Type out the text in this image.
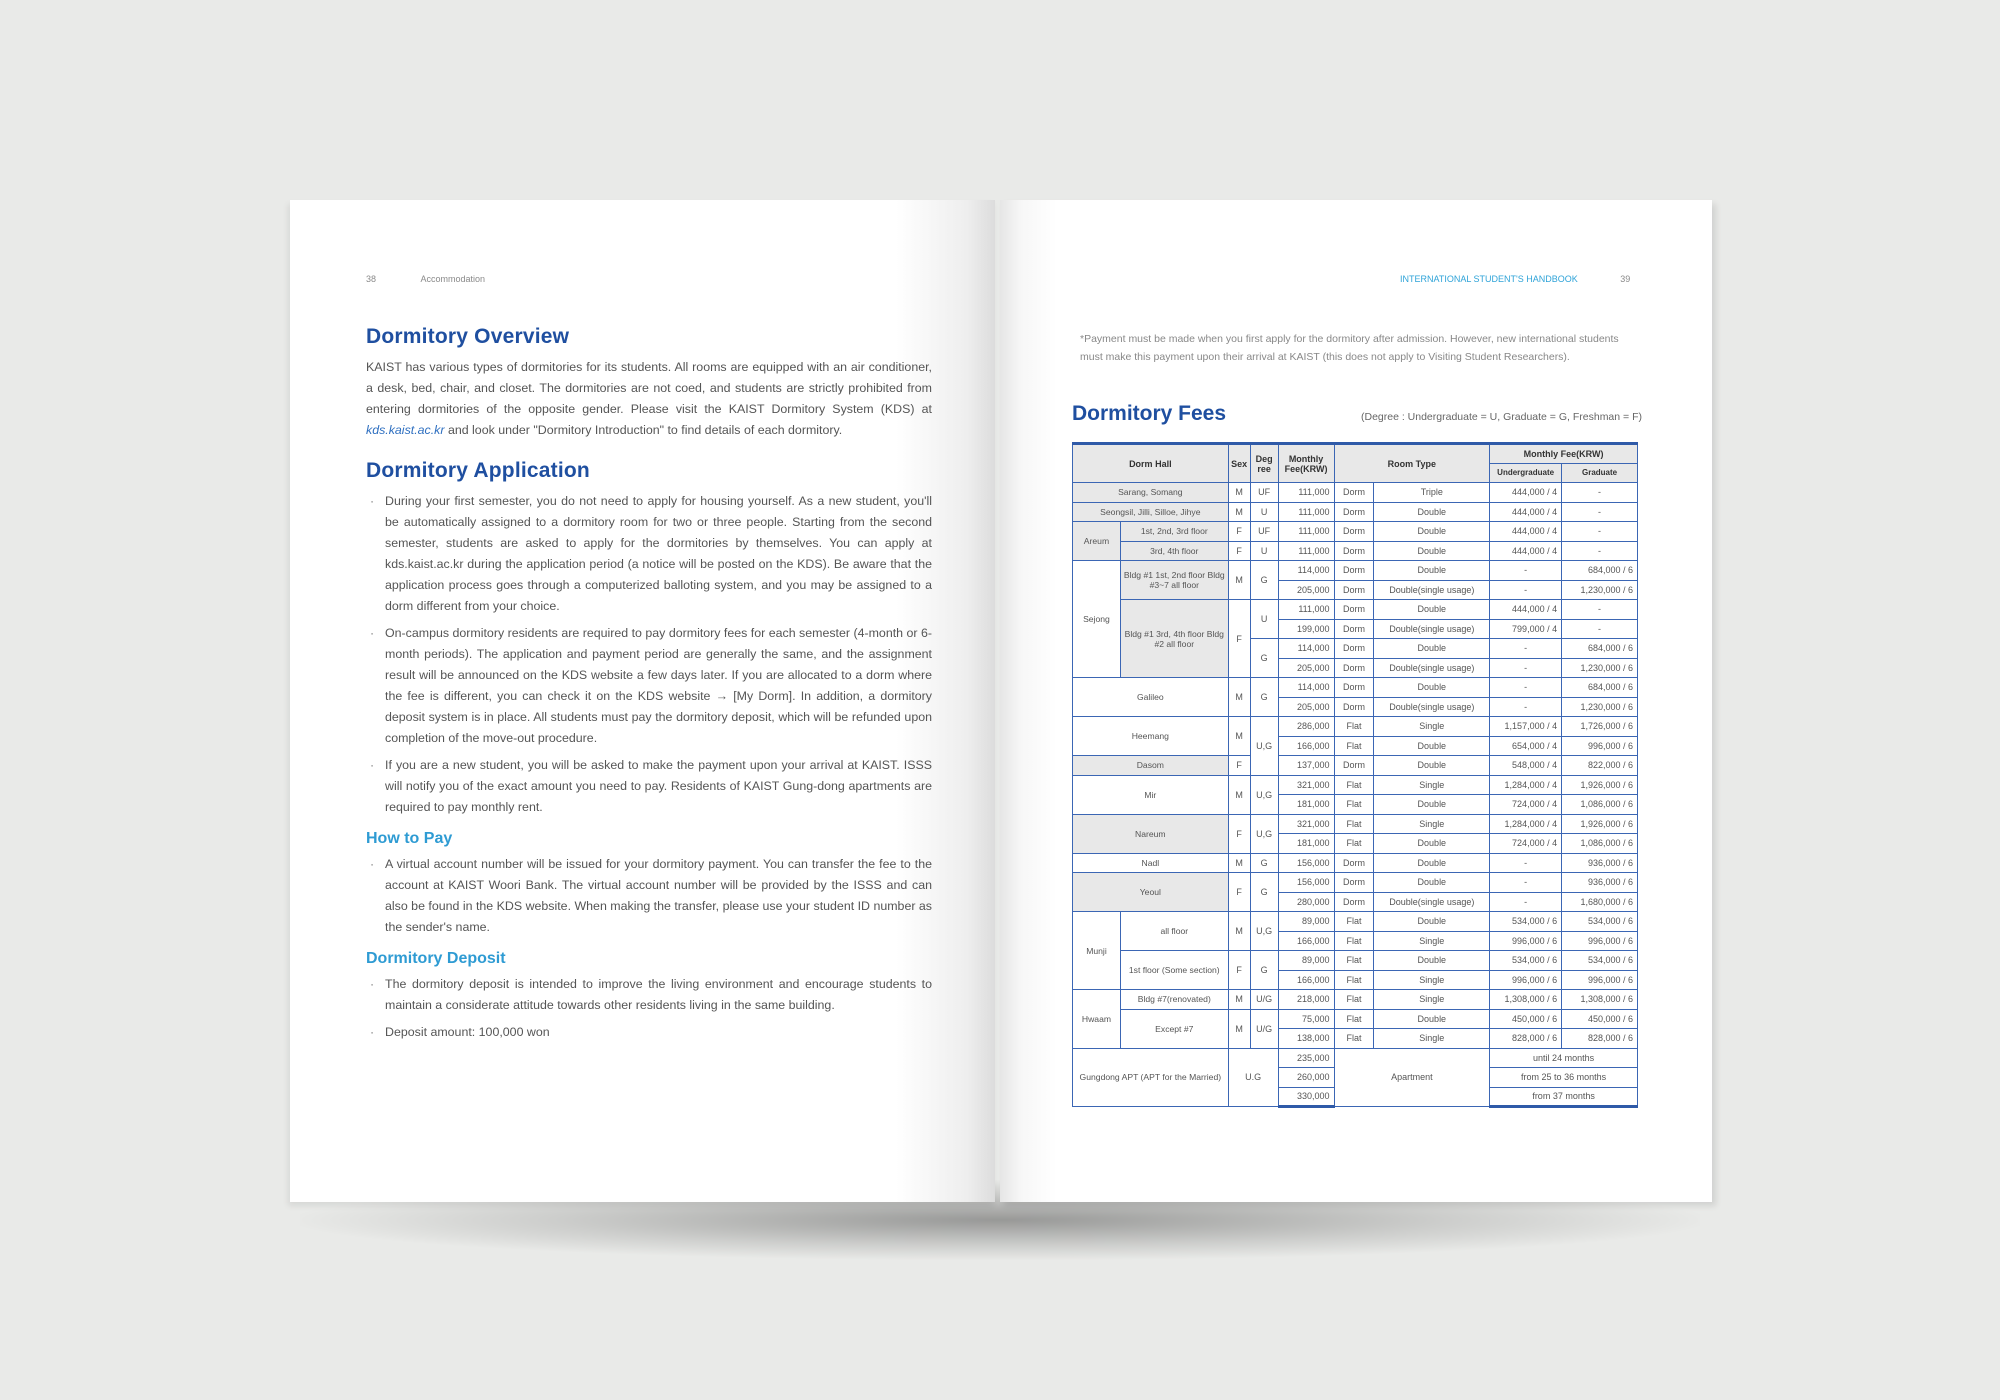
38	Accommodation
Dormitory Overview

KAIST has various types of dormitories for its students. All rooms are equipped with an air conditioner, a desk, bed, chair, and closet. The dormitories are not coed, and students are strictly prohibited from entering dormitories of the opposite gender. Please visit the KAIST Dormitory System (KDS) at kds.kaist.ac.kr and look under "Dormitory Introduction" to find details of each dormitory.

Dormitory Application
· During your first semester, you do not need to apply for housing yourself. As a new student, you'll be automatically assigned to a dormitory room for two or three people. Starting from the second semester, students are asked to apply for the dormitories by themselves. You can apply at kds.kaist.ac.kr during the application period (a notice will be posted on the KDS). Be aware that the application process goes through a computerized balloting system, and you may be assigned to a dorm different from your choice.
· On-campus dormitory residents are required to pay dormitory fees for each semester (4-month or 6-month periods). The application and payment period are generally the same, and the assignment result will be announced on the KDS website a few days later. If you are allocated to a dorm where the fee is different, you can check it on the KDS website → [My Dorm]. In addition, a dormitory deposit system is in place. All students must pay the dormitory deposit, which will be refunded upon completion of the move-out procedure.
· If you are a new student, you will be asked to make the payment upon your arrival at KAIST. ISSS will notify you of the exact amount you need to pay. Residents of KAIST Gung-dong apartments are required to pay monthly rent.
How to Pay
· A virtual account number will be issued for your dormitory payment. You can transfer the fee to the account at KAIST Woori Bank. The virtual account number will be provided by the ISSS and can also be found in the KDS website. When making the transfer, please use your student ID number as the sender's name.
Dormitory Deposit
· The dormitory deposit is intended to improve the living environment and encourage students to maintain a considerate attitude towards other residents living in the same building.
· Deposit amount: 100,000 won
INTERNATIONAL STUDENT'S HANDBOOK	39

*Payment must be made when you first apply for the dormitory after admission. However, new international students must make this payment upon their arrival at KAIST (this does not apply to Visiting Student Researchers).

Dormitory Fees	(Degree : Undergraduate = U, Graduate = G, Freshman = F)
Dorm Hall		Sex	Deg ree	Monthly Fee(KRW)	Room Type		Monthly Fee(KRW)	
							Undergraduate	Graduate
Sarang, Somang		M	UF	111,000	Dorm	Triple	444,000 / 4	-
Seongsil, Jilli, Silloe, Jihye		M	U	111,000	Dorm	Double	444,000 / 4	-
Areum	1st, 2nd, 3rd floor	F	UF	111,000	Dorm	Double	444,000 / 4	-
	3rd, 4th floor	F	U	111,000	Dorm	Double	444,000 / 4	-
Sejong	Bldg #1 1st, 2nd floor Bldg #3~7 all floor	M	G	114,000	Dorm	Double	-	684,000 / 6
				205,000	Dorm	Double(single usage)	-	1,230,000 / 6
	Bldg #1 3rd, 4th floor Bldg #2 all floor	F	U	111,000	Dorm	Double	444,000 / 4	-
				199,000	Dorm	Double(single usage)	799,000 / 4	-
			G	114,000	Dorm	Double	-	684,000 / 6
				205,000	Dorm	Double(single usage)	-	1,230,000 / 6
Galileo		M	G	114,000	Dorm	Double	-	684,000 / 6
				205,000	Dorm	Double(single usage)	-	1,230,000 / 6
Heemang		M	U,G	286,000	Flat	Single	1,157,000 / 4	1,726,000 / 6
				166,000	Flat	Double	654,000 / 4	996,000 / 6
Dasom		F		137,000	Dorm	Double	548,000 / 4	822,000 / 6
Mir		M	U,G	321,000	Flat	Single	1,284,000 / 4	1,926,000 / 6
				181,000	Flat	Double	724,000 / 4	1,086,000 / 6
Nareum		F	U,G	321,000	Flat	Single	1,284,000 / 4	1,926,000 / 6
				181,000	Flat	Double	724,000 / 4	1,086,000 / 6
Nadl		M	G	156,000	Dorm	Double	-	936,000 / 6
Yeoul		F	G	156,000	Dorm	Double	-	936,000 / 6
				280,000	Dorm	Double(single usage)	-	1,680,000 / 6
Munji	all floor	M	U,G	89,000	Flat	Double	534,000 / 6	534,000 / 6
				166,000	Flat	Single	996,000 / 6	996,000 / 6
	1st floor (Some section)	F	G	89,000	Flat	Double	534,000 / 6	534,000 / 6
				166,000	Flat	Single	996,000 / 6	996,000 / 6
Hwaam	Bldg #7(renovated)	M	U/G	218,000	Flat	Single	1,308,000 / 6	1,308,000 / 6
	Except #7	M	U/G	75,000	Flat	Double	450,000 / 6	450,000 / 6
				138,000	Flat	Single	828,000 / 6	828,000 / 6
Gungdong APT (APT for the Married)		U.G		235,000	Apartment		until 24 months	
				260,000			from 25 to 36 months	
				330,000			from 37 months	
